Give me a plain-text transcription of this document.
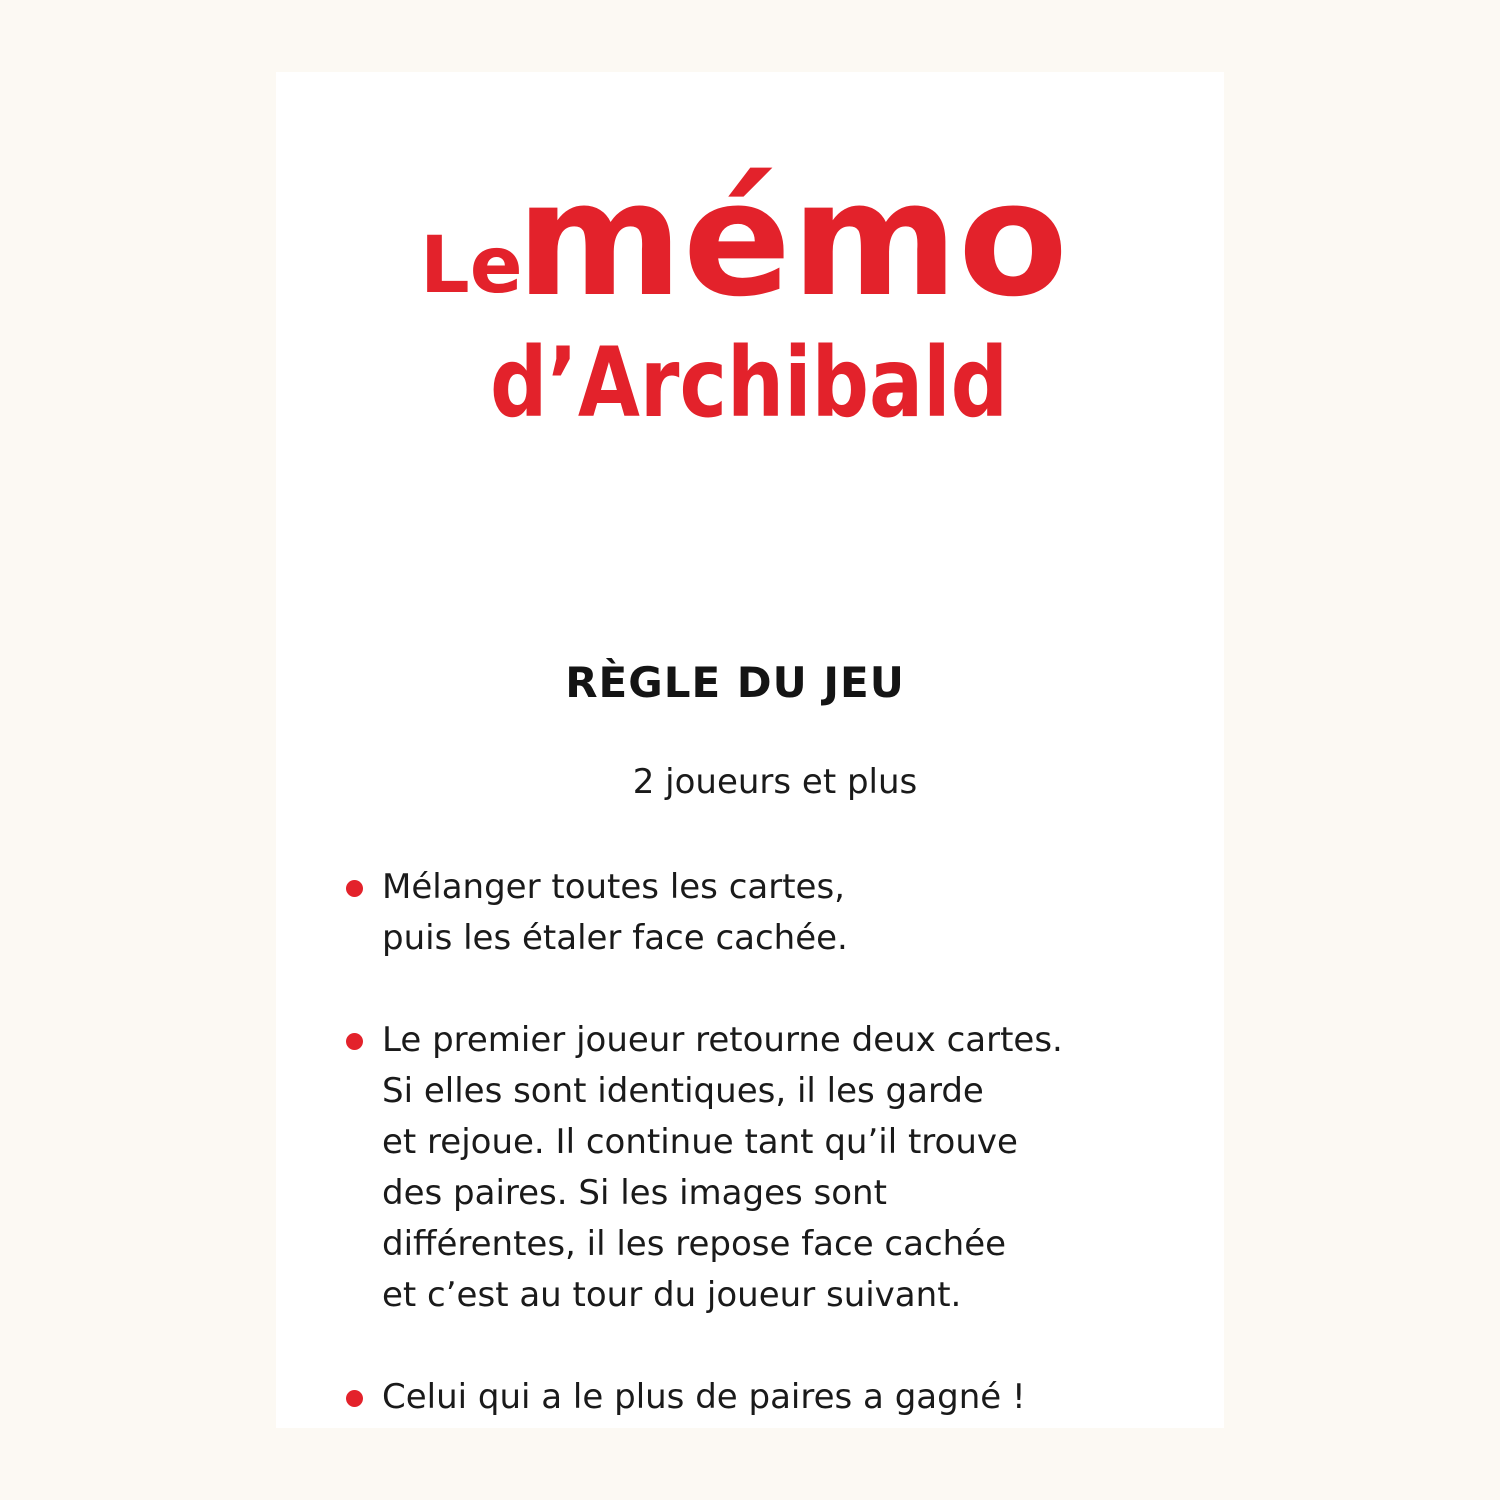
Le
mémo
d’Archibald
RÈGLE DU JEU
2 joueurs et plus
Mélanger toutes les cartes,
puis les étaler face cachée.
Le premier joueur retourne deux cartes.
Si elles sont identiques, il les garde
et rejoue. Il continue tant qu’il trouve
des paires. Si les images sont
différentes, il les repose face cachée
et c’est au tour du joueur suivant.
Celui qui a le plus de paires a gagné !
